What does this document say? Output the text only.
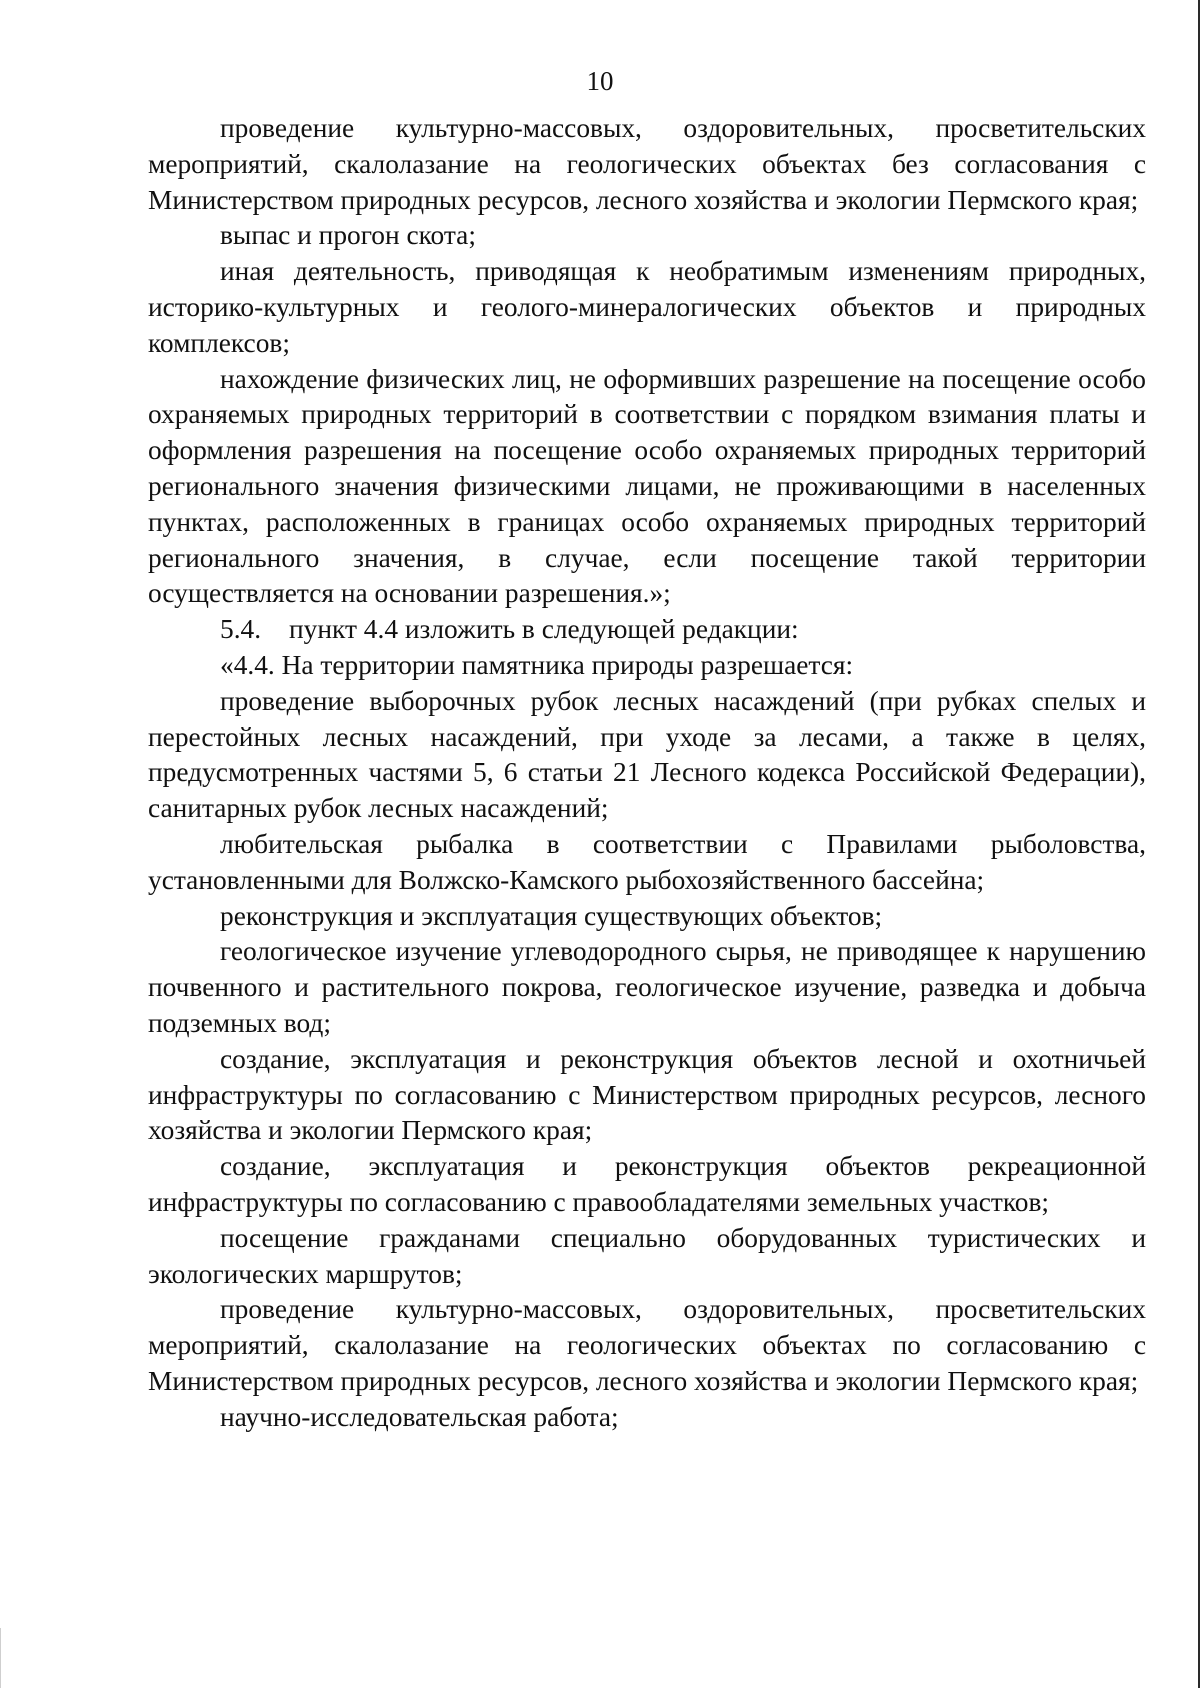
10

проведение культурно-массовых, оздоровительных, просветительских мероприятий, скалолазание на геологических объектах без согласования с Министерством природных ресурсов, лесного хозяйства и экологии Пермского края;

выпас и прогон скота;

иная деятельность, приводящая к необратимым изменениям природных, историко-культурных и геолого-минералогических объектов и природных комплексов;

нахождение физических лиц, не оформивших разрешение на посещение особо охраняемых природных территорий в соответствии с порядком взимания платы и оформления разрешения на посещение особо охраняемых природных территорий регионального значения физическими лицами, не проживающими в населенных пунктах, расположенных в границах особо охраняемых природных территорий регионального значения, в случае, если посещение такой территории осуществляется на основании разрешения.»;

5.4. пункт 4.4 изложить в следующей редакции:

«4.4. На территории памятника природы разрешается:

проведение выборочных рубок лесных насаждений (при рубках спелых и перестойных лесных насаждений, при уходе за лесами, а также в целях, предусмотренных частями 5, 6 статьи 21 Лесного кодекса Российской Федерации), санитарных рубок лесных насаждений;

любительская рыбалка в соответствии с Правилами рыболовства, установленными для Волжско-Камского рыбохозяйственного бассейна;

реконструкция и эксплуатация существующих объектов;

геологическое изучение углеводородного сырья, не приводящее к нарушению почвенного и растительного покрова, геологическое изучение, разведка и добыча подземных вод;

создание, эксплуатация и реконструкция объектов лесной и охотничьей инфраструктуры по согласованию с Министерством природных ресурсов, лесного хозяйства и экологии Пермского края;

создание, эксплуатация и реконструкция объектов рекреационной инфраструктуры по согласованию с правообладателями земельных участков;

посещение гражданами специально оборудованных туристических и экологических маршрутов;

проведение культурно-массовых, оздоровительных, просветительских мероприятий, скалолазание на геологических объектах по согласованию с Министерством природных ресурсов, лесного хозяйства и экологии Пермского края;

научно-исследовательская работа;
